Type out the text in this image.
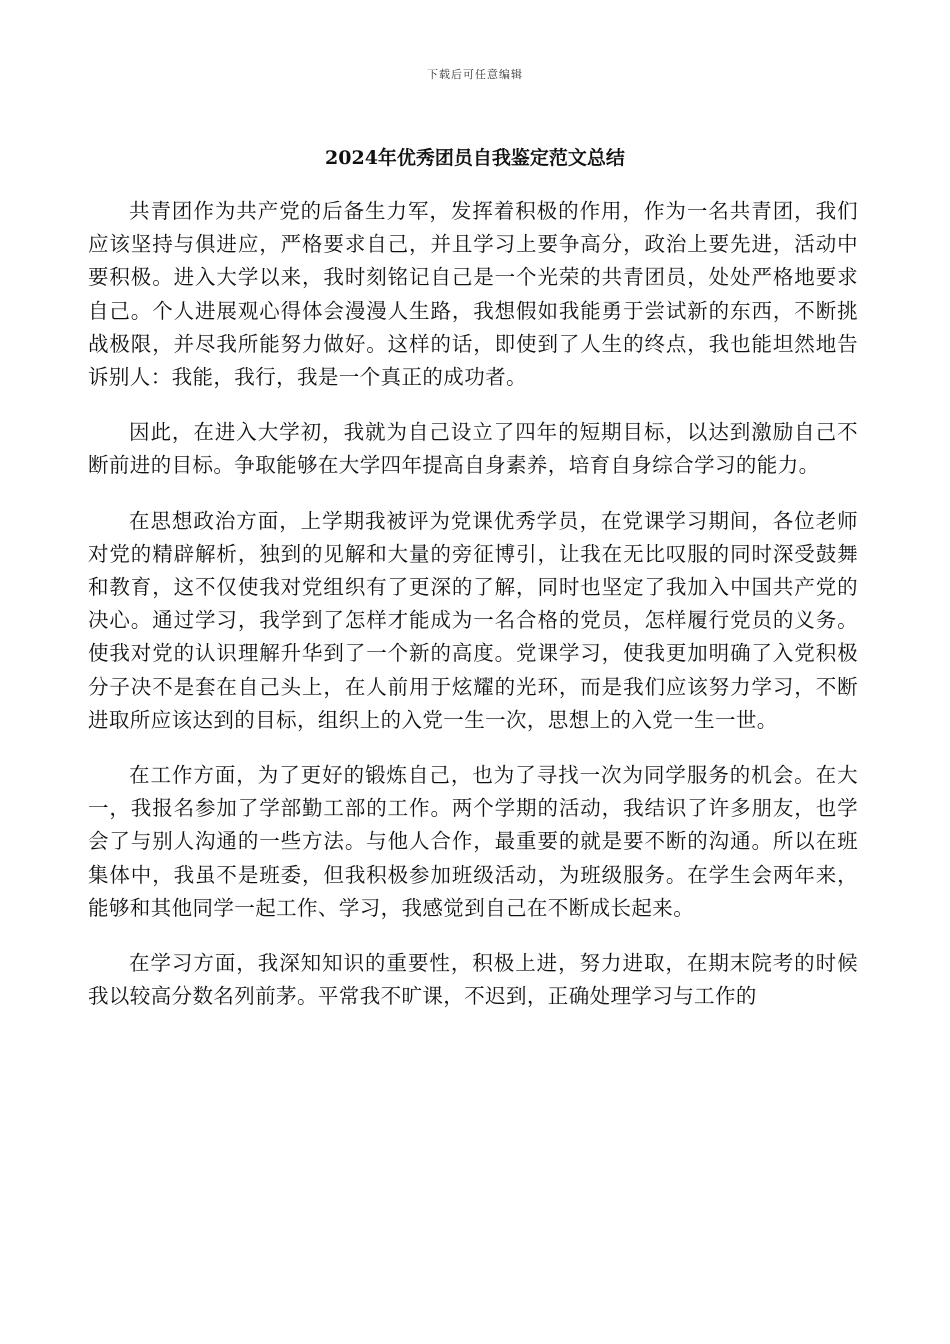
下载后可任意编辑
2024年优秀团员自我鉴定范文总结

共青团作为共产党的后备生力军，发挥着积极的作用，作为一名共青团，我们应该坚持与俱进应，严格要求自己，并且学习上要争高分，政治上要先进，活动中要积极。进入大学以来，我时刻铭记自己是一个光荣的共青团员，处处严格地要求自己。个人进展观心得体会漫漫人生路，我想假如我能勇于尝试新的东西，不断挑战极限，并尽我所能努力做好。这样的话，即使到了人生的终点，我也能坦然地告诉别人：我能，我行，我是一个真正的成功者。

因此，在进入大学初，我就为自己设立了四年的短期目标，以达到激励自己不断前进的目标。争取能够在大学四年提高自身素养，培育自身综合学习的能力。

在思想政治方面，上学期我被评为党课优秀学员，在党课学习期间，各位老师对党的精辟解析，独到的见解和大量的旁征博引，让我在无比叹服的同时深受鼓舞和教育，这不仅使我对党组织有了更深的了解，同时也坚定了我加入中国共产党的决心。通过学习，我学到了怎样才能成为一名合格的党员，怎样履行党员的义务。使我对党的认识理解升华到了一个新的高度。党课学习，使我更加明确了入党积极分子决不是套在自己头上，在人前用于炫耀的光环，而是我们应该努力学习，不断进取所应该达到的目标，组织上的入党一生一次，思想上的入党一生一世。

在工作方面，为了更好的锻炼自己，也为了寻找一次为同学服务的机会。在大一，我报名参加了学部勤工部的工作。两个学期的活动，我结识了许多朋友，也学会了与别人沟通的一些方法。与他人合作，最重要的就是要不断的沟通。所以在班集体中，我虽不是班委，但我积极参加班级活动，为班级服务。在学生会两年来，能够和其他同学一起工作、学习，我感觉到自己在不断成长起来。

在学习方面，我深知知识的重要性，积极上进，努力进取，在期末院考的时候我以较高分数名列前茅。平常我不旷课，不迟到，正确处理学习与工作的
